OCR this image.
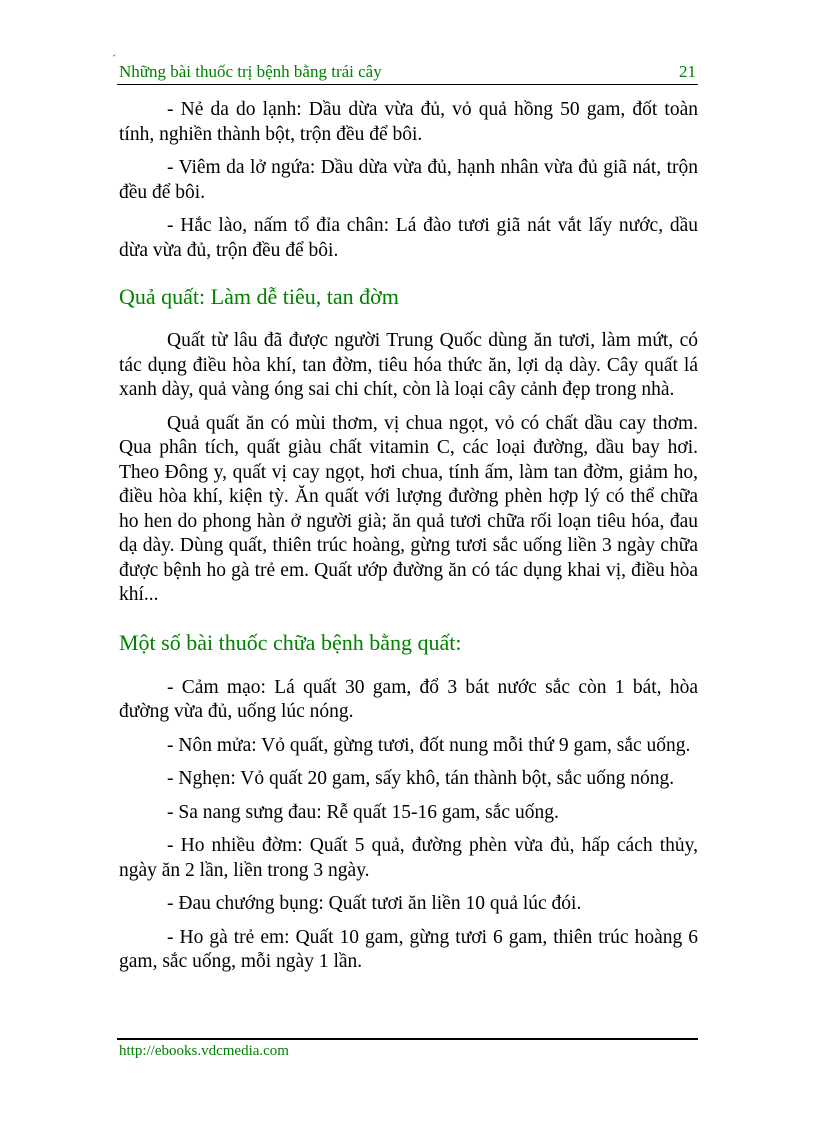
´
Những bài thuốc trị bệnh bằng trái cây	21

- Nẻ da do lạnh: Dầu dừa vừa đủ, vỏ quả hồng 50 gam, đốt toàn tính, nghiền thành bột, trộn đều để bôi.

- Viêm da lở ngứa: Dầu dừa vừa đủ, hạnh nhân vừa đủ giã nát, trộn đều để bôi.

- Hắc lào, nấm tổ đỉa chân: Lá đào tươi giã nát vắt lấy nước, dầu dừa vừa đủ, trộn đều để bôi.

Quả quất: Làm dễ tiêu, tan đờm

Quất từ lâu đã được người Trung Quốc dùng ăn tươi, làm mứt, có tác dụng điều hòa khí, tan đờm, tiêu hóa thức ăn, lợi dạ dày. Cây quất lá xanh dày, quả vàng óng sai chi chít, còn là loại cây cảnh đẹp trong nhà.

Quả quất ăn có mùi thơm, vị chua ngọt, vỏ có chất dầu cay thơm. Qua phân tích, quất giàu chất vitamin C, các loại đường, dầu bay hơi. Theo Đông y, quất vị cay ngọt, hơi chua, tính ấm, làm tan đờm, giảm ho, điều hòa khí, kiện tỳ. Ăn quất với lượng đường phèn hợp lý có thể chữa ho hen do phong hàn ở người già; ăn quả tươi chữa rối loạn tiêu hóa, đau dạ dày. Dùng quất, thiên trúc hoàng, gừng tươi sắc uống liền 3 ngày chữa được bệnh ho gà trẻ em. Quất ướp đường ăn có tác dụng khai vị, điều hòa khí...

Một số bài thuốc chữa bệnh bằng quất:

- Cảm mạo: Lá quất 30 gam, đổ 3 bát nước sắc còn 1 bát, hòa đường vừa đủ, uống lúc nóng.

- Nôn mửa: Vỏ quất, gừng tươi, đốt nung mỗi thứ 9 gam, sắc uống.

- Nghẹn: Vỏ quất 20 gam, sấy khô, tán thành bột, sắc uống nóng.

- Sa nang sưng đau: Rễ quất 15-16 gam, sắc uống.

- Ho nhiều đờm: Quất 5 quả, đường phèn vừa đủ, hấp cách thủy, ngày ăn 2 lần, liền trong 3 ngày.

- Đau chướng bụng: Quất tươi ăn liền 10 quả lúc đói.

- Ho gà trẻ em: Quất 10 gam, gừng tươi 6 gam, thiên trúc hoàng 6 gam, sắc uống, mỗi ngày 1 lần.

http://ebooks.vdcmedia.com
